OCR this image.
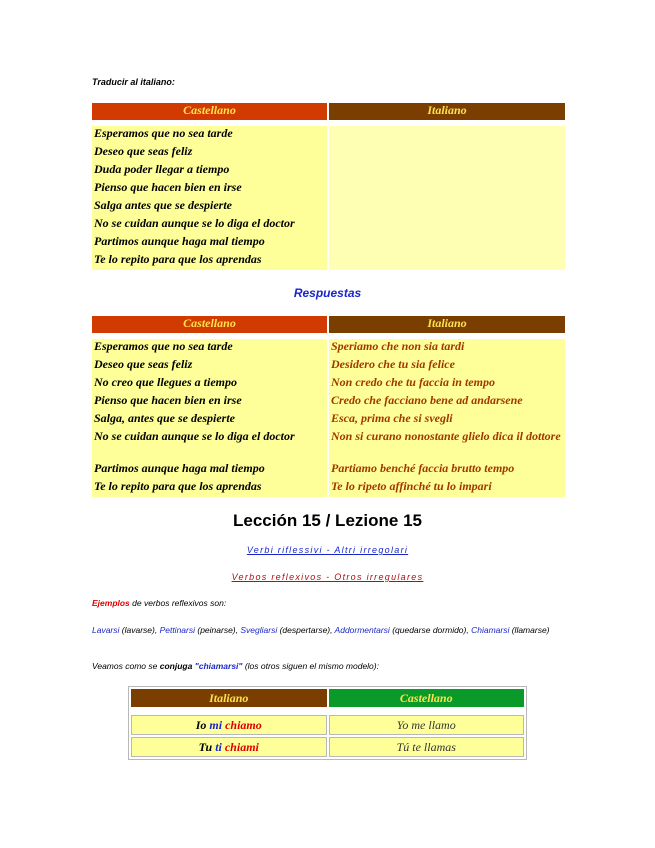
Traducir al italiano:
Castellano	Italiano

Esperamos que no sea tarde	
Deseo que seas feliz	
Duda poder llegar a tiempo	
Pienso que hacen bien en irse	
Salga antes que se despierte	
No se cuidan aunque se lo diga el doctor	
Partimos aunque haga mal tiempo	
Te lo repito para que los aprendas	
Respuestas
Castellano	Italiano

Esperamos que no sea tarde	Speriamo che non sia tardi
Deseo que seas feliz	Desidero che tu sia felice
No creo que llegues a tiempo	Non credo che tu faccia in tempo
Pienso que hacen bien en irse	Credo che facciano bene ad andarsene
Salga, antes que se despierte	Esca, prima che si svegli
No se cuidan aunque se lo diga el doctor	Non si curano nonostante glielo dica il dottore
Partimos aunque haga mal tiempo	Partiamo benché faccia brutto tempo
Te lo repito para que los aprendas	Te lo ripeto affinché tu lo impari
Lección 15 / Lezione 15
Verbi riflessivi - Altri irregolari
Verbos reflexivos - Otros irregulares
Ejemplos de verbos reflexivos son:
Lavarsi (lavarse), Pettinarsi (peinarse), Svegliarsi (despertarse), Addormentarsi (quedarse dormido), Chiamarsi (llamarse)
Veamos como se conjuga "chiamarsi" (los otros siguen el mismo modelo):
Italiano	Castellano

Io mi chiamo	Yo me llamo
Tu ti chiami	Tú te llamas
